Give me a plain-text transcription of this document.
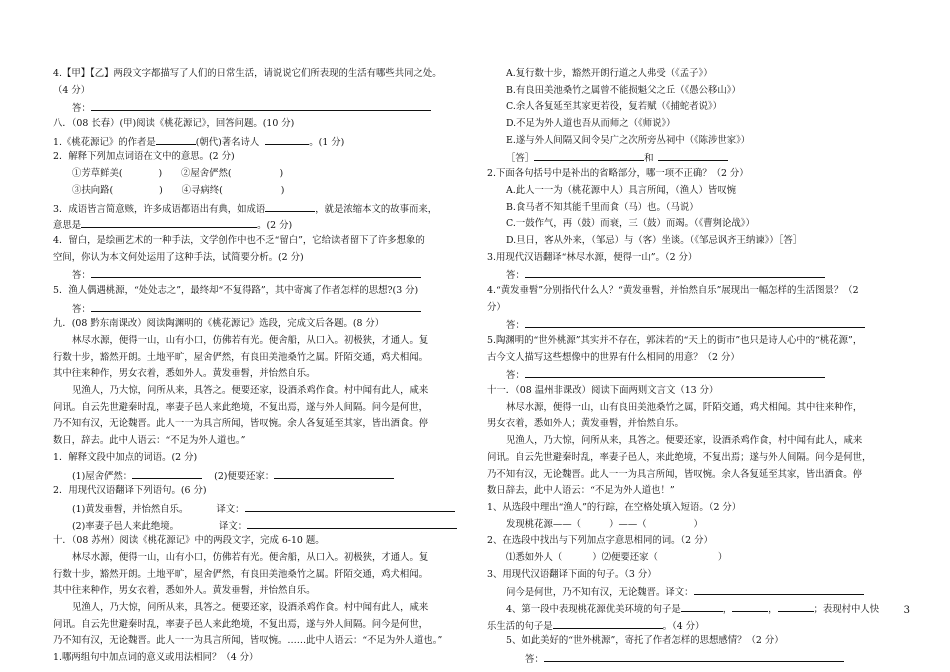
4.【甲】【乙】两段文字都描写了人们的日常生活，请说说它们所表现的生活有哪些共同之处。
（4 分）
答：
八．（08 长春）(甲)阅读《桃花源记》，回答问题。(10 分)
1.《桃花源记》的作者是	(朝代)著名诗人	。(1 分)
2．解释下列加点词语在文中的意思。(2 分)
①芳草鲜美(	)　　②屋舍俨然(	)
③扶向路(	)　　④寻病终(	)
3．成语皆言简意赅，许多成语都语出有典，如成语	，就是浓缩本文的故事而来，
意思是	。(2 分)
4．留白，是绘画艺术的一种手法，文学创作中也不乏“留白”，它给读者留下了许多想象的
空间，你认为本文何处运用了这种手法，试简要分析。(2 分)
答：
5．渔人偶遇桃源，“处处志之”，最终却“不复得路”，其中寄寓了作者怎样的思想?(3 分)
答：
九．(08 黔东南课改）阅读陶渊明的《桃花源记》选段，完成文后各题。(8 分）
林尽水源，便得一山，山有小口，仿佛若有光。便舍船，从口入。初极狭，才通人。复
行数十步，豁然开朗。土地平旷，屋舍俨然，有良田美池桑竹之属。阡陌交通，鸡犬相闻。
其中往来种作，男女衣着，悉如外人。黄发垂髫，并怡然自乐。
见渔人，乃大惊，问所从来，具答之。便要还家，设酒杀鸡作食。村中闻有此人，咸来
问讯。自云先世避秦时乱，率妻子邑人来此绝境，不复出焉，遂与外人间隔。问今是何世，
乃不知有汉，无论魏晋。此人一一为具言所闻，皆叹惋。余人各复延至其家，皆出酒食。停
数日，辞去。此中人语云：“不足为外人道也。”
1．解释文段中加点的词语。(2 分)
(1)屋舍俨然：	(2)便要还家：
2．用现代汉语翻译下列语句。(6 分)
(1)黄发垂髫，并怡然自乐。	译文：
(2)率妻子邑人来此绝境。	译文：
十．（08 苏州）阅读《桃花源记》中的两段文字，完成 6-10 题。
林尽水源，便得一山，山有小口，仿佛若有光。便舍船，从口入。初极狭，才通人。复
行数十步，豁然开朗。土地平旷，屋舍俨然，有良田美池桑竹之属。阡陌交通，鸡犬相闻。
其中往来种作，男女衣着，悉如外人。黄发垂髫，并怡然自乐。
见渔人，乃大惊，问所从来，具答之。便要还家，设酒杀鸡作食。村中闻有此人，咸来
问讯。自云先世避秦时乱，率妻子邑人来此绝境，不复出焉，遂与外人间隔。问今是何世，
乃不知有汉，无论魏晋。此人一一为具言所闻，皆叹惋。……此中人语云：“不足为外人道也。”
1.哪两组句中加点词的意义或用法相同？（4 分）
A.复行数十步，豁然开朗行道之人弗受（《孟子》）
B.有良田美池桑竹之属曾不能损魁父之丘（《愚公移山》）
C.余人各复延至其家更若役，复若赋（《捕蛇者说》）
D.不足为外人道也吾从而师之（《师说》）
E.遂与外人间隔又间令吴广之次所旁丛祠中（《陈涉世家》）
［答］	和
2.下面各句括号中是补出的省略部分，哪一项不正确？（2 分）
A.此人一一为（桃花源中人）具言所闻，（渔人）皆叹惋
B.食马者不知其能千里而食（马）也。（马说）
C.一鼓作气，再（鼓）而衰，三（鼓）而竭。（《曹刿论战》）
D.旦日，客从外来，（邹忌）与（客）坐谈。（《邹忌讽齐王纳谏》）［答］
3.用现代汉语翻译“林尽水源，便得一山”。（2 分）
答：
4.“黄发垂髫”分别指代什么人？“黄发垂髫，并怡然自乐”展现出一幅怎样的生活图景？（2
分）
答：
5.陶渊明的“世外桃源”其实并不存在，郭沫若的“天上的街市”也只是诗人心中的“桃花源”，
古今文人描写这些想像中的世界有什么相同的用意？（2 分）
答：
十一．（08 温州非课改）阅读下面两则文言文（13 分）
林尽水源，便得一山，山有良田美池桑竹之属，阡陌交通，鸡犬相闻。其中往来种作，
男女衣着，悉如外人；黄发垂髫，并怡然自乐。
见渔人，乃大惊，问所从来，具答之。便要还家，设酒杀鸡作食，村中闻有此人，咸来
问讯。自云先世避秦时乱，率妻子邑人，来此绝境，不复出焉；遂与外人间隔。问今是何世，
乃不知有汉，无论魏晋。此人一一为具言所闻，皆叹惋。余人各复延至其家，皆出酒食。停
数日辞去，此中人语云：“不足为外人道也！”
1、从选段中理出“渔人”的行踪，在空格处填入短语。（2 分）
发现桃花源——（　　　）——（　　　　　）
2、在选段中找出与下列加点字意思相同的词。（2 分）
⑴悉如外人（	）⑵便要还家（	）
3、用现代汉语翻译下面的句子。（3 分）
问今是何世，乃不知有汉，无论魏晋。译文：
4、第一段中表现桃花源优美环境的句子是	，	，	；表现村中人快
乐生活的句子是	。（4 分）
5、如此美好的“世外桃源”，寄托了作者怎样的思想感情？（2 分）
答：
3
